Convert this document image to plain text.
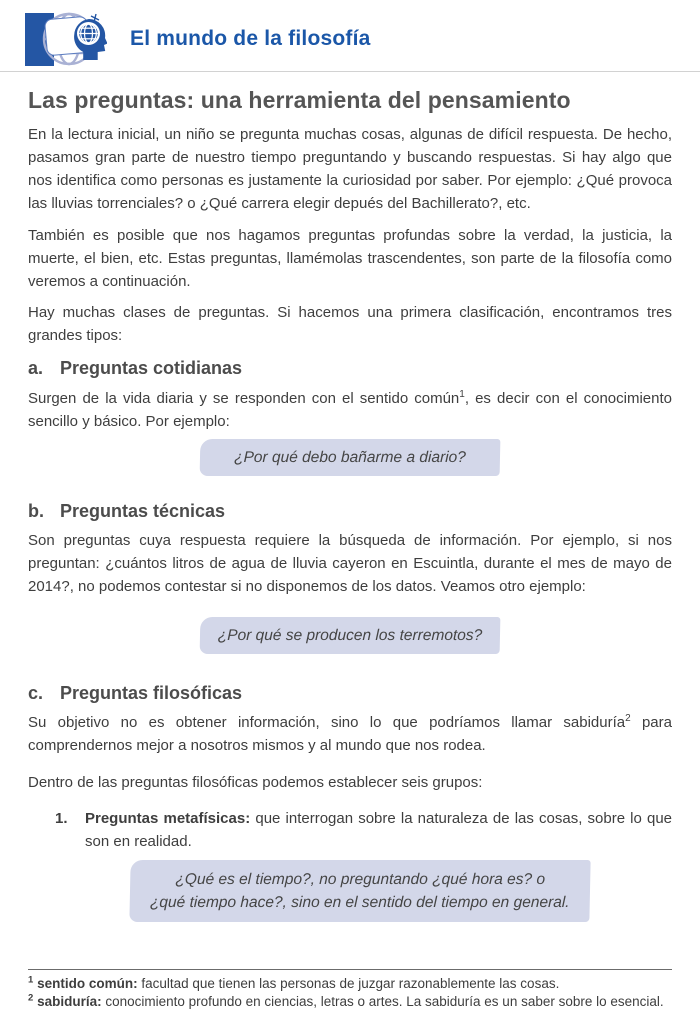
El mundo de la filosofía
Las preguntas: una herramienta del pensamiento

En la lectura inicial, un niño se pregunta muchas cosas, algunas de difícil respuesta. De hecho, pasamos gran parte de nuestro tiempo preguntando y buscando respuestas. Si hay algo que nos identifica como personas es justamente la curiosidad por saber. Por ejemplo: ¿Qué provoca las lluvias torrenciales? o ¿Qué carrera elegir depués del Bachillerato?, etc.

También es posible que nos hagamos preguntas profundas sobre la verdad, la justicia, la muerte, el bien, etc. Estas preguntas, llamémolas trascendentes, son parte de la filosofía como veremos a continuación.

Hay muchas clases de preguntas. Si hacemos una primera clasificación, encontramos tres grandes tipos:

a. Preguntas cotidianas

Surgen de la vida diaria y se responden con el sentido común$^1$, es decir con el conocimiento sencillo y básico. Por ejemplo:

¿Por qué debo bañarme a diario?
b. Preguntas técnicas

Son preguntas cuya respuesta requiere la búsqueda de información. Por ejemplo, si nos preguntan: ¿cuántos litros de agua de lluvia cayeron en Escuintla, durante el mes de mayo de 2014?, no podemos contestar si no disponemos de los datos. Veamos otro ejemplo:

¿Por qué se producen los terremotos?
c. Preguntas filosóficas

Su objetivo no es obtener información, sino lo que podríamos llamar sabiduría$^2$ para comprendernos mejor a nosotros mismos y al mundo que nos rodea.

Dentro de las preguntas filosóficas podemos establecer seis grupos:

1.	Preguntas metafísicas: que interrogan sobre la naturaleza de las cosas, sobre lo que son en realidad.
¿Qué es el tiempo?, no preguntando ¿qué hora es? o
¿qué tiempo hace?, sino en el sentido del tiempo en general.
$^1$ sentido común: facultad que tienen las personas de juzgar razonablemente las cosas.
$^2$ sabiduría: conocimiento profundo en ciencias, letras o artes. La sabiduría es un saber sobre lo esencial.
